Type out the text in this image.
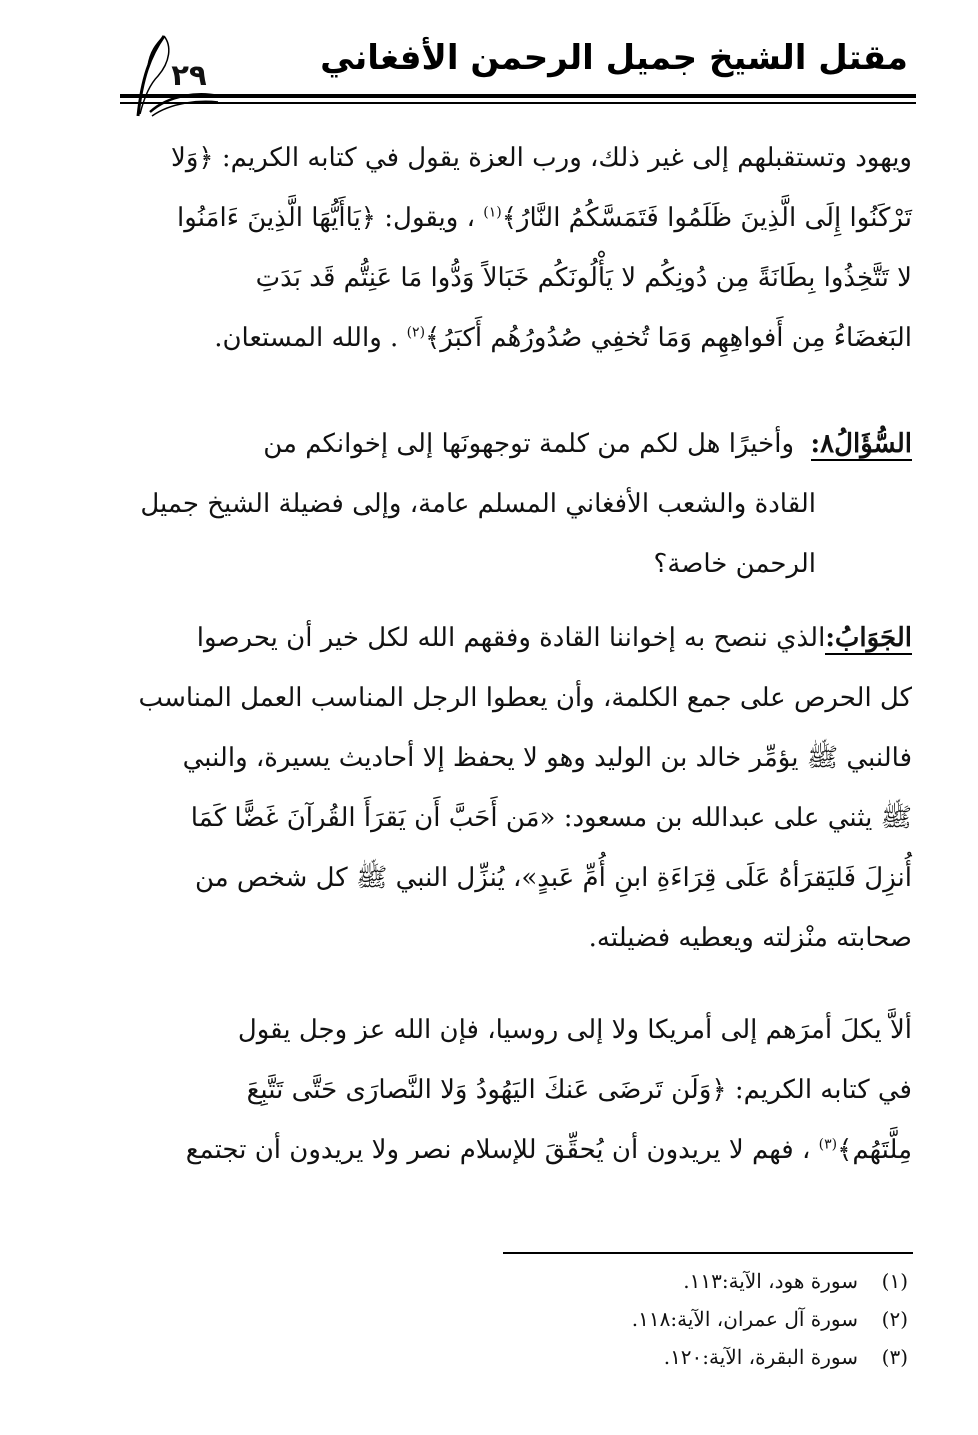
مقتل الشيخ جميل الرحمن الأفغاني
٢٩
ويهود وتستقبلهم إلى غير ذلك، ورب العزة يقول في كتابه الكريم: ﴿وَلا
تَرْكَنُوا إِلَى الَّذِينَ ظَلَمُوا فَتَمَسَّكُمُ النَّارُ﴾$^{(١)}$ ، ويقول: ﴿يَاأَيُّهَا الَّذِينَ ءَامَنُوا
لا تَتَّخِذُوا بِطَانَةً مِن دُونِكُم لا يَأْلُونَكُم خَبَالاً وَدُّوا مَا عَنِتُّم قَد بَدَتِ
البَغضَاءُ مِن أَفواهِهِم وَمَا تُخفِي صُدُورُهُم أَكبَرُ﴾$^{(٢)}$ . والله المستعان.
السُّؤَالُ٨:  وأخيرًا هل لكم من كلمة توجهونَها إلى إخوانكم من
القادة والشعب الأفغاني المسلم عامة، وإلى فضيلة الشيخ جميل
الرحمن خاصة؟
الجَوَابُ:الذي ننصح به إخواننا القادة وفقهم الله لكل خير أن يحرصوا
كل الحرص على جمع الكلمة، وأن يعطوا الرجل المناسب العمل المناسب
فالنبي ﷺ يؤمِّر خالد بن الوليد وهو لا يحفظ إلا أحاديث يسيرة، والنبي
ﷺ يثني على عبدالله بن مسعود: «مَن أَحَبَّ أَن يَقرَأَ القُرآنَ غَضًّا كَمَا
أُنزِلَ فَليَقرَأهُ عَلَى قِرَاءَةِ ابنِ أُمِّ عَبدٍ»، يُنزِّل النبي ﷺ كل شخص من
صحابته منْزلته ويعطيه فضيلته.
ألاَّ يكلَ أمرَهم إلى أمريكا ولا إلى روسيا، فإن الله عز وجل يقول
في كتابه الكريم: ﴿وَلَن تَرضَى عَنكَ اليَهُودُ وَلا النَّصارَى حَتَّى تَتَّبِعَ
مِلَّتَهُم﴾$^{(٣)}$ ، فهم لا يريدون أن يُحقِّقَ للإسلام نصر ولا يريدون أن تجتمع
(١)سورة هود، الآية:١١٣.
(٢)سورة آل عمران، الآية:١١٨.
(٣)سورة البقرة، الآية:١٢٠.
